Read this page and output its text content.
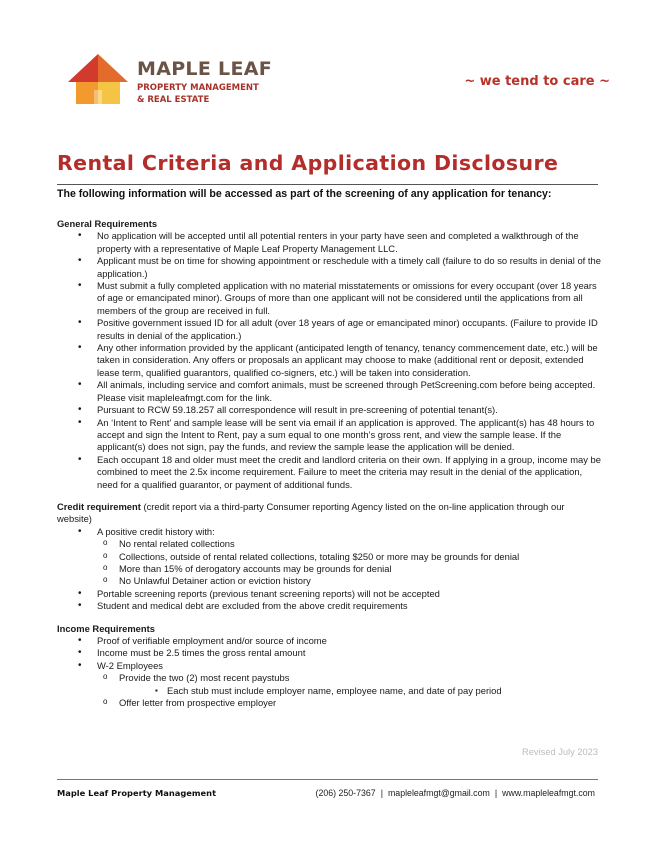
MAPLE LEAF
PROPERTY MANAGEMENT
& REAL ESTATE
~ we tend to care ~
Rental Criteria and Application Disclosure
The following information will be accessed as part of the screening of any application for tenancy:
General Requirements
• No application will be accepted until all potential renters in your party have seen and completed a walkthrough of the property with a representative of Maple Leaf Property Management LLC.
• Applicant must be on time for showing appointment or reschedule with a timely call (failure to do so results in denial of the application.)
• Must submit a fully completed application with no material misstatements or omissions for every occupant (over 18 years of age or emancipated minor). Groups of more than one applicant will not be considered until the applications from all members of the group are received in full.
• Positive government issued ID for all adult (over 18 years of age or emancipated minor) occupants. (Failure to provide ID results in denial of the application.)
• Any other information provided by the applicant (anticipated length of tenancy, tenancy commencement date, etc.) will be taken in consideration. Any offers or proposals an applicant may choose to make (additional rent or deposit, extended lease term, qualified guarantors, qualified co-signers, etc.) will be taken into consideration.
• All animals, including service and comfort animals, must be screened through PetScreening.com before being accepted. Please visit mapleleafmgt.com for the link.
• Pursuant to RCW 59.18.257 all correspondence will result in pre-screening of potential tenant(s).
• An ‘Intent to Rent’ and sample lease will be sent via email if an application is approved. The applicant(s) has 48 hours to accept and sign the Intent to Rent, pay a sum equal to one month’s gross rent, and view the sample lease. If the applicant(s) does not sign, pay the funds, and review the sample lease the application will be denied.
• Each occupant 18 and older must meet the credit and landlord criteria on their own. If applying in a group, income may be combined to meet the 2.5x income requirement. Failure to meet the criteria may result in the denial of the application, need for a qualified guarantor, or payment of additional funds.
Credit requirement (credit report via a third-party Consumer reporting Agency listed on the on-line application through our website)
• A positive credit history with:
o No rental related collections
o Collections, outside of rental related collections, totaling $250 or more may be grounds for denial
o More than 15% of derogatory accounts may be grounds for denial
o No Unlawful Detainer action or eviction history
• Portable screening reports (previous tenant screening reports) will not be accepted
• Student and medical debt are excluded from the above credit requirements
Income Requirements
• Proof of verifiable employment and/or source of income
• Income must be 2.5 times the gross rental amount
• W-2 Employees
o Provide the two (2) most recent paystubs
▪ Each stub must include employer name, employee name, and date of pay period
o Offer letter from prospective employer
Revised July 2023
Maple Leaf Property Management	(206) 250-7367 | mapleleafmgt@gmail.com | www.mapleleafmgt.com
